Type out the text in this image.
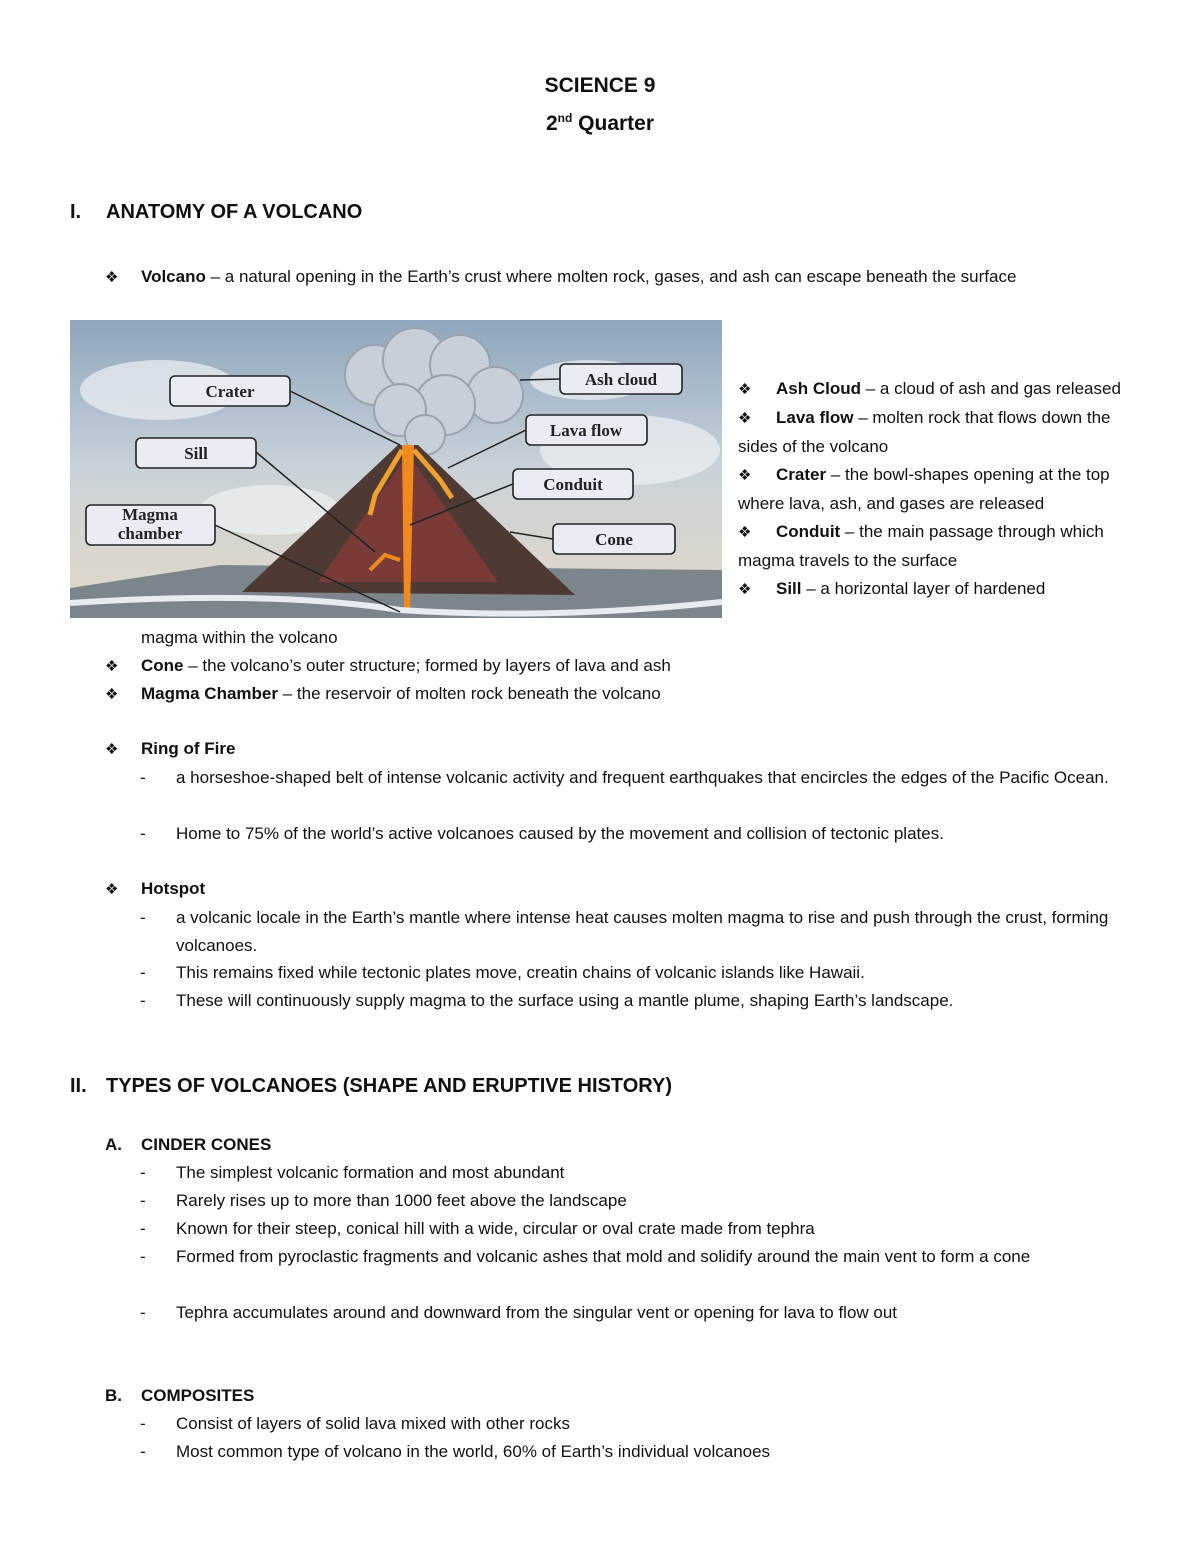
SCIENCE 9
2nd Quarter
I. ANATOMY OF A VOLCANO
❖ Volcano – a natural opening in the Earth’s crust where molten rock, gases, and ash can escape beneath the surface
Crater
Sill
Magma
chamber
Ash cloud
Lava flow
Conduit
Cone
❖ Ash Cloud – a cloud of ash and gas released
❖ Lava flow – molten rock that flows down the sides of the volcano
❖ Crater – the bowl-shapes opening at the top where lava, ash, and gases are released
❖ Conduit – the main passage through which magma travels to the surface
❖ Sill – a horizontal layer of hardened
magma within the volcano
❖ Cone – the volcano’s outer structure; formed by layers of lava and ash
❖ Magma Chamber – the reservoir of molten rock beneath the volcano
❖ Ring of Fire
- a horseshoe-shaped belt of intense volcanic activity and frequent earthquakes that encircles the edges of the Pacific Ocean.
- Home to 75% of the world’s active volcanoes caused by the movement and collision of tectonic plates.
❖ Hotspot
- a volcanic locale in the Earth’s mantle where intense heat causes molten magma to rise and push through the crust, forming volcanoes.
- This remains fixed while tectonic plates move, creatin chains of volcanic islands like Hawaii.
- These will continuously supply magma to the surface using a mantle plume, shaping Earth’s landscape.
II. TYPES OF VOLCANOES (SHAPE AND ERUPTIVE HISTORY)
A. CINDER CONES
- The simplest volcanic formation and most abundant
- Rarely rises up to more than 1000 feet above the landscape
- Known for their steep, conical hill with a wide, circular or oval crate made from tephra
- Formed from pyroclastic fragments and volcanic ashes that mold and solidify around the main vent to form a cone
- Tephra accumulates around and downward from the singular vent or opening for lava to flow out
B. COMPOSITES
- Consist of layers of solid lava mixed with other rocks
- Most common type of volcano in the world, 60% of Earth’s individual volcanoes
